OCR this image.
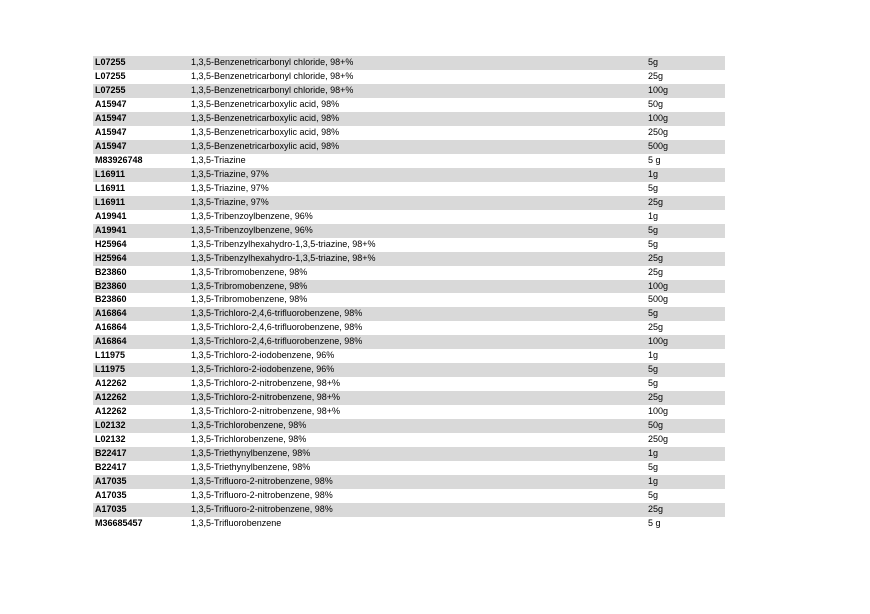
L07255	1,3,5-Benzenetricarbonyl chloride, 98+%	5g
L07255	1,3,5-Benzenetricarbonyl chloride, 98+%	25g
L07255	1,3,5-Benzenetricarbonyl chloride, 98+%	100g
A15947	1,3,5-Benzenetricarboxylic acid, 98%	50g
A15947	1,3,5-Benzenetricarboxylic acid, 98%	100g
A15947	1,3,5-Benzenetricarboxylic acid, 98%	250g
A15947	1,3,5-Benzenetricarboxylic acid, 98%	500g
M83926748	1,3,5-Triazine	5 g
L16911	1,3,5-Triazine, 97%	1g
L16911	1,3,5-Triazine, 97%	5g
L16911	1,3,5-Triazine, 97%	25g
A19941	1,3,5-Tribenzoylbenzene, 96%	1g
A19941	1,3,5-Tribenzoylbenzene, 96%	5g
H25964	1,3,5-Tribenzylhexahydro-1,3,5-triazine, 98+%	5g
H25964	1,3,5-Tribenzylhexahydro-1,3,5-triazine, 98+%	25g
B23860	1,3,5-Tribromobenzene, 98%	25g
B23860	1,3,5-Tribromobenzene, 98%	100g
B23860	1,3,5-Tribromobenzene, 98%	500g
A16864	1,3,5-Trichloro-2,4,6-trifluorobenzene, 98%	5g
A16864	1,3,5-Trichloro-2,4,6-trifluorobenzene, 98%	25g
A16864	1,3,5-Trichloro-2,4,6-trifluorobenzene, 98%	100g
L11975	1,3,5-Trichloro-2-iodobenzene, 96%	1g
L11975	1,3,5-Trichloro-2-iodobenzene, 96%	5g
A12262	1,3,5-Trichloro-2-nitrobenzene, 98+%	5g
A12262	1,3,5-Trichloro-2-nitrobenzene, 98+%	25g
A12262	1,3,5-Trichloro-2-nitrobenzene, 98+%	100g
L02132	1,3,5-Trichlorobenzene, 98%	50g
L02132	1,3,5-Trichlorobenzene, 98%	250g
B22417	1,3,5-Triethynylbenzene, 98%	1g
B22417	1,3,5-Triethynylbenzene, 98%	5g
A17035	1,3,5-Trifluoro-2-nitrobenzene, 98%	1g
A17035	1,3,5-Trifluoro-2-nitrobenzene, 98%	5g
A17035	1,3,5-Trifluoro-2-nitrobenzene, 98%	25g
M36685457	1,3,5-Trifluorobenzene	5 g
